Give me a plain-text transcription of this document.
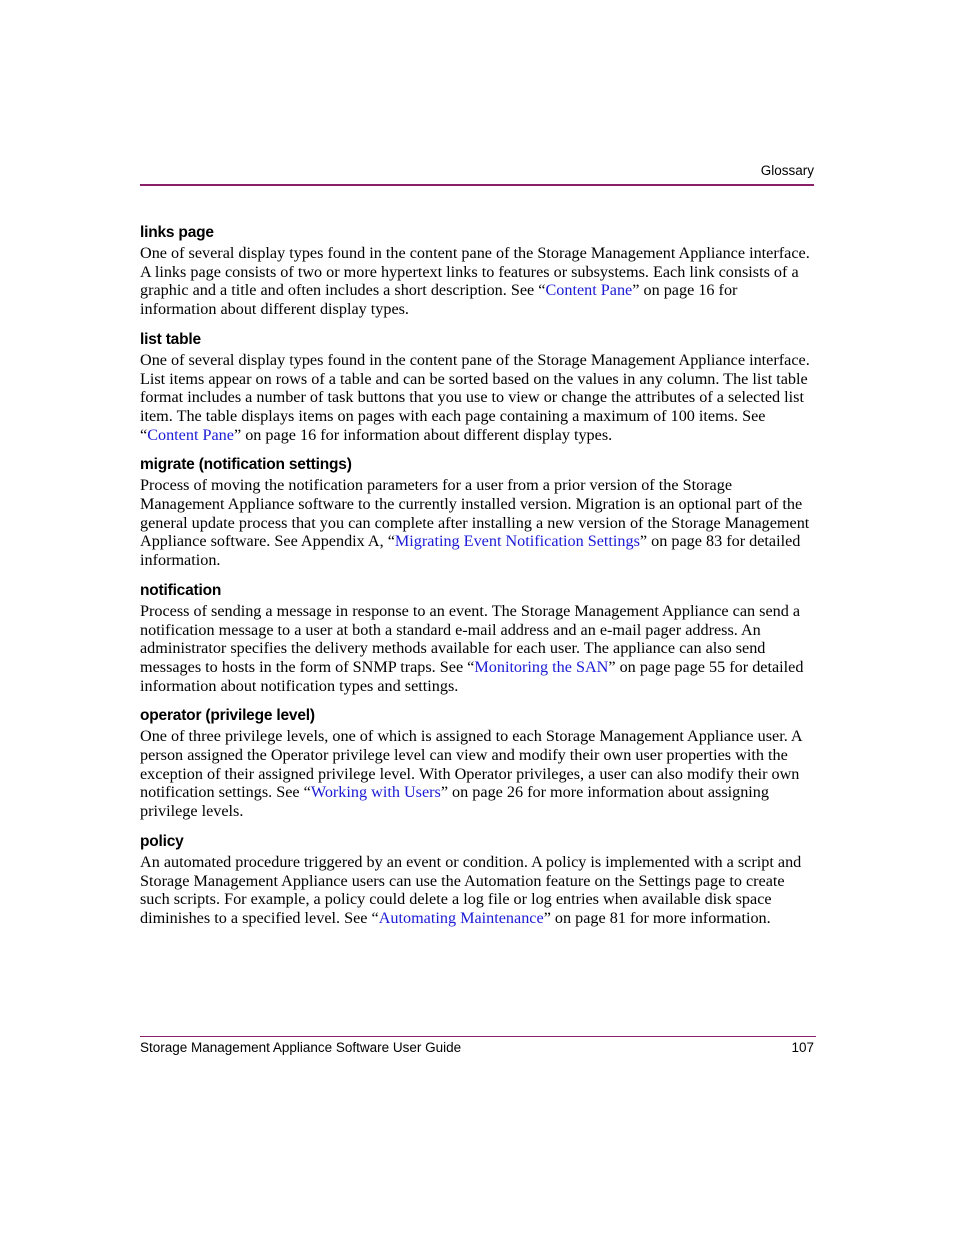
Glossary
links page

One of several display types found in the content pane of the Storage Management Appliance interface. A links page consists of two or more hypertext links to features or subsystems. Each link consists of a graphic and a title and often includes a short description. See “Content Pane” on page 16 for information about different display types.

list table

One of several display types found in the content pane of the Storage Management Appliance interface. List items appear on rows of a table and can be sorted based on the values in any column. The list table format includes a number of task buttons that you use to view or change the attributes of a selected list item. The table displays items on pages with each page containing a maximum of 100 items. See “Content Pane” on page 16 for information about different display types.

migrate (notification settings)

Process of moving the notification parameters for a user from a prior version of the Storage Management Appliance software to the currently installed version. Migration is an optional part of the general update process that you can complete after installing a new version of the Storage Management Appliance software. See Appendix A, “Migrating Event Notification Settings” on page 83 for detailed information.

notification

Process of sending a message in response to an event. The Storage Management Appliance can send a notification message to a user at both a standard e-mail address and an e-mail pager address. An administrator specifies the delivery methods available for each user. The appliance can also send messages to hosts in the form of SNMP traps. See “Monitoring the SAN” on page page 55 for detailed information about notification types and settings.

operator (privilege level)

One of three privilege levels, one of which is assigned to each Storage Management Appliance user. A person assigned the Operator privilege level can view and modify their own user properties with the exception of their assigned privilege level. With Operator privileges, a user can also modify their own notification settings. See “Working with Users” on page 26 for more information about assigning privilege levels.

policy

An automated procedure triggered by an event or condition. A policy is implemented with a script and Storage Management Appliance users can use the Automation feature on the Settings page to create such scripts. For example, a policy could delete a log file or log entries when available disk space diminishes to a specified level. See “Automating Maintenance” on page 81 for more information.

Storage Management Appliance Software User Guide	107
